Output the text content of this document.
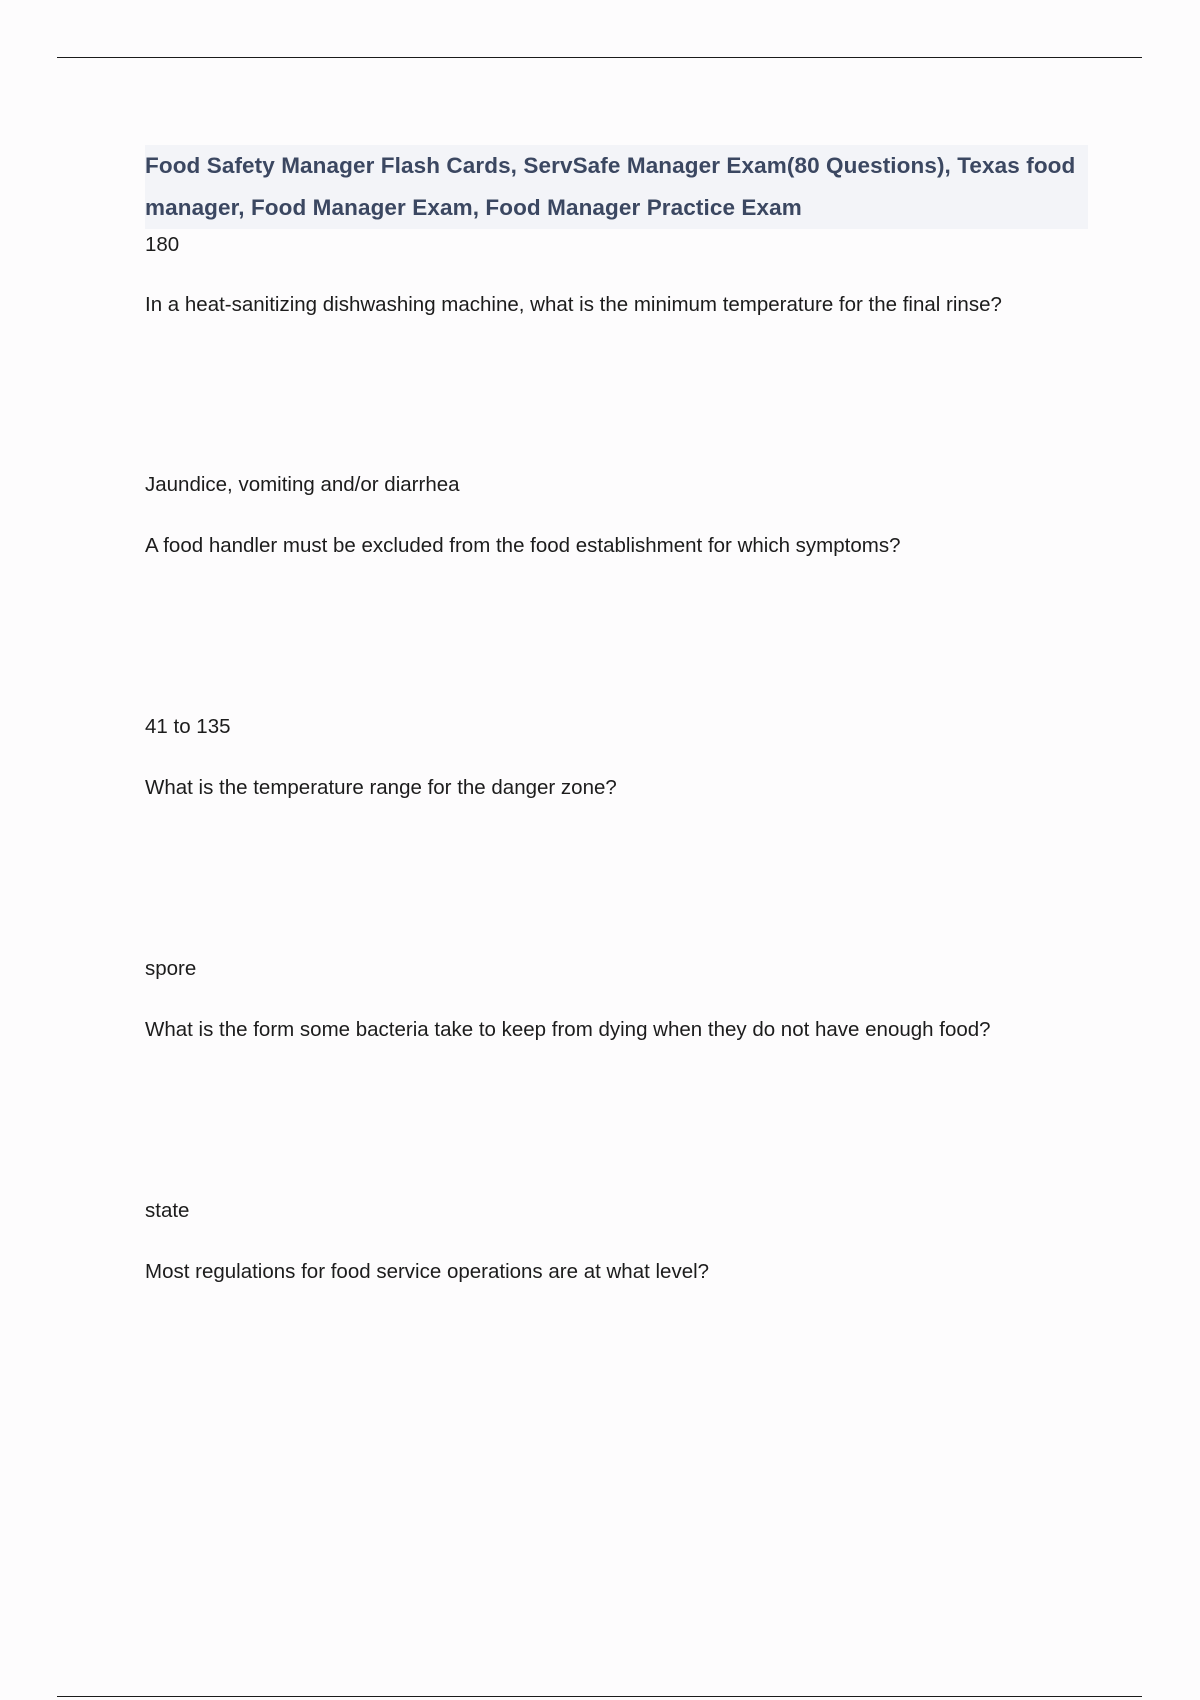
Food Safety Manager Flash Cards, ServSafe Manager Exam(80 Questions), Texas food manager, Food Manager Exam, Food Manager Practice Exam

180

In a heat-sanitizing dishwashing machine, what is the minimum temperature for the final rinse?

Jaundice, vomiting and/or diarrhea

A food handler must be excluded from the food establishment for which symptoms?

41 to 135

What is the temperature range for the danger zone?

spore

What is the form some bacteria take to keep from dying when they do not have enough food?

state

Most regulations for food service operations are at what level?
